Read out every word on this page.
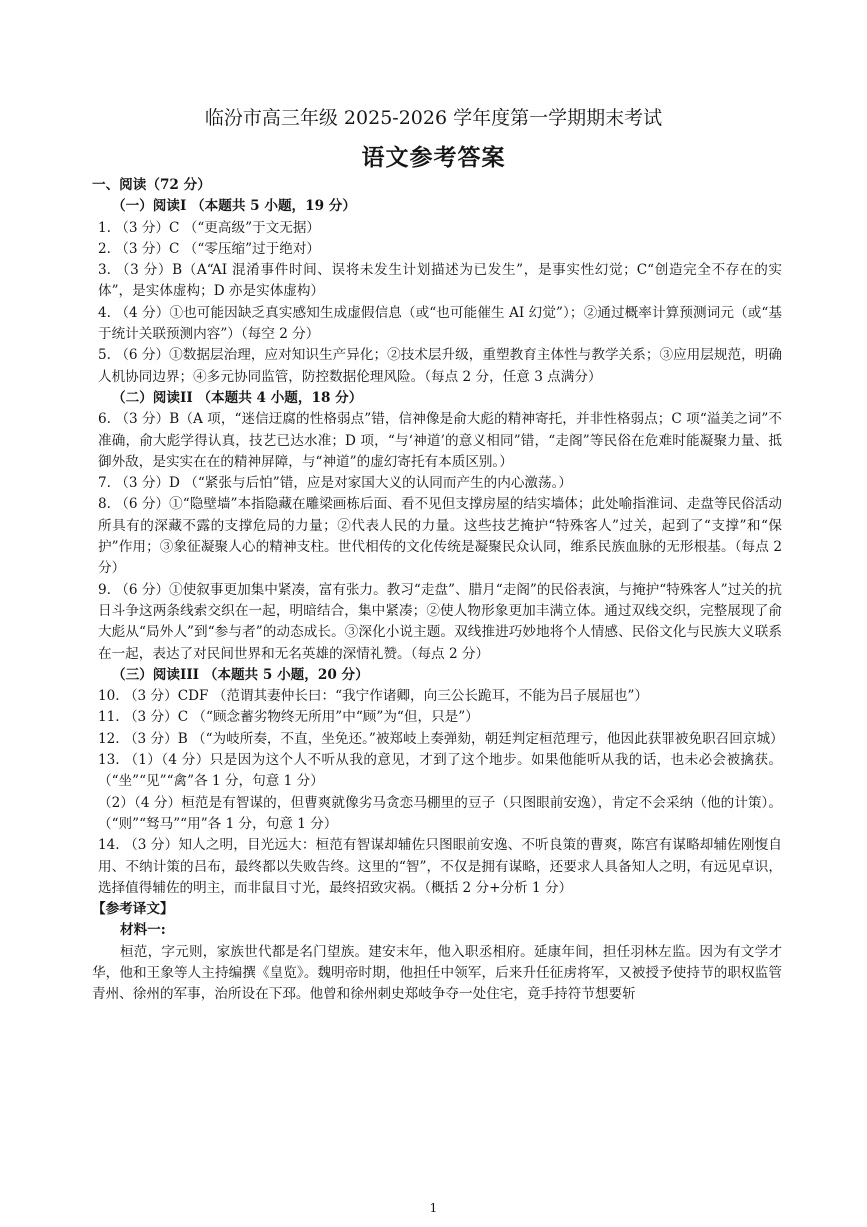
临汾市高三年级 2025-2026 学年度第一学期期末考试
语文参考答案

一、阅读（72 分）

（一）阅读I （本题共 5 小题，19 分）

1. （3 分）C （“更高级”于文无据）

2. （3 分）C （“零压缩”过于绝对）

3. （3 分）B（A“AI 混淆事件时间、误将未发生计划描述为已发生”，是事实性幻觉；C“创造完全不存在的实体”，是实体虚构；D 亦是实体虚构）

4. （4 分）①也可能因缺乏真实感知生成虚假信息（或“也可能催生 AI 幻觉”）；②通过概率计算预测词元（或“基于统计关联预测内容”）（每空 2 分）

5. （6 分）①数据层治理，应对知识生产异化；②技术层升级，重塑教育主体性与教学关系；③应用层规范，明确人机协同边界；④多元协同监管，防控数据伦理风险。（每点 2 分，任意 3 点满分）

（二）阅读II （本题共 4 小题，18 分）

6. （3 分）B（A 项，“迷信迂腐的性格弱点”错，信神像是俞大彪的精神寄托，并非性格弱点；C 项“溢美之词”不准确，俞大彪学得认真，技艺已达水准；D 项，“与‘神道’的意义相同”错，“走阁”等民俗在危难时能凝聚力量、抵御外敌，是实实在在的精神屏障，与“神道”的虚幻寄托有本质区别。）

7. （3 分）D （“紧张与后怕”错，应是对家国大义的认同而产生的内心激荡。）

8. （6 分）①“隐壁墙”本指隐藏在雕梁画栋后面、看不见但支撑房屋的结实墙体；此处喻指淮词、走盘等民俗活动所具有的深藏不露的支撑危局的力量；②代表人民的力量。这些技艺掩护“特殊客人”过关，起到了“支撑”和“保护”作用；③象征凝聚人心的精神支柱。世代相传的文化传统是凝聚民众认同，维系民族血脉的无形根基。（每点 2 分）

9. （6 分）①使叙事更加集中紧凑，富有张力。教习“走盘”、腊月“走阁”的民俗表演，与掩护“特殊客人”过关的抗日斗争这两条线索交织在一起，明暗结合，集中紧凑；②使人物形象更加丰满立体。通过双线交织，完整展现了俞大彪从“局外人”到“参与者”的动态成长。③深化小说主题。双线推进巧妙地将个人情感、民俗文化与民族大义联系在一起，表达了对民间世界和无名英雄的深情礼赞。（每点 2 分）

（三）阅读III （本题共 5 小题，20 分）

10. （3 分）CDF （范谓其妻仲长曰：“我宁作诸卿，向三公长跪耳，不能为吕子展屈也”）

11. （3 分）C （“顾念蓄劣物终无所用”中“顾”为“但，只是”）

12. （3 分）B （“为岐所奏，不直，坐免还。”被郑岐上奏弹劾，朝廷判定桓范理亏，他因此获罪被免职召回京城）

13. （1）（4 分）只是因为这个人不听从我的意见，才到了这个地步。如果他能听从我的话，也未必会被擒获。（“坐”“见”“禽”各 1 分，句意 1 分）

（2）（4 分）桓范是有智谋的，但曹爽就像劣马贪恋马棚里的豆子（只图眼前安逸），肯定不会采纳（他的计策）。（“则”“驽马”“用”各 1 分，句意 1 分）

14. （3 分）知人之明，目光远大：桓范有智谋却辅佐只图眼前安逸、不听良策的曹爽，陈宫有谋略却辅佐刚愎自用、不纳计策的吕布，最终都以失败告终。这里的“智”，不仅是拥有谋略，还要求人具备知人之明，有远见卓识，选择值得辅佐的明主，而非鼠目寸光，最终招致灾祸。（概括 2 分+分析 1 分）

【参考译文】

材料一:

桓范，字元则，家族世代都是名门望族。建安末年，他入职丞相府。延康年间，担任羽林左监。因为有文学才华，他和王象等人主持编撰《皇览》。魏明帝时期，他担任中领军，后来升任征虏将军，又被授予使持节的职权监管青州、徐州的军事，治所设在下邳。他曾和徐州刺史郑岐争夺一处住宅，竟手持符节想要斩

1
